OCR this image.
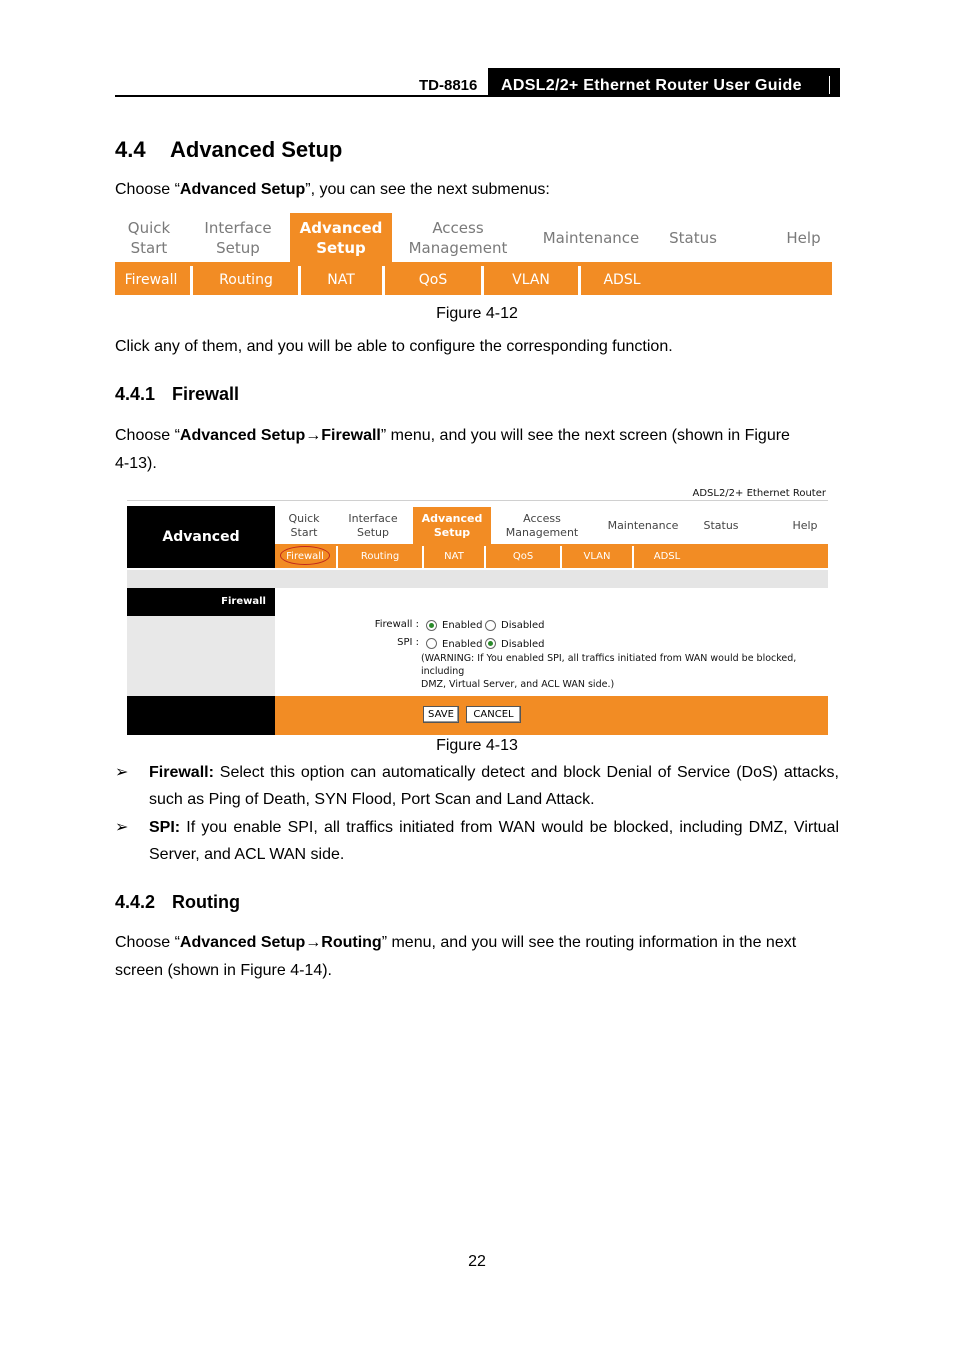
TD-8816	ADSL2/2+ Ethernet Router User Guide
4.4 Advanced Setup
Choose “Advanced Setup”, you can see the next submenus:
Quick
Start
Interface
Setup
Advanced
Setup
Access
Management
Maintenance	Status	Help
Firewall	Routing	NAT	QoS	VLAN	ADSL
Figure 4-12
Click any of them, and you will be able to configure the corresponding function.
4.4.1 Firewall
Choose “Advanced Setup→Firewall” menu, and you will see the next screen (shown in Figure
4-13).
ADSL2/2+ Ethernet Router
Advanced
Quick
Start
Interface
Setup
Advanced
Setup
Access
Management
Maintenance	Status	Help
Firewall	Routing	NAT	QoS	VLAN	ADSL
Firewall
Firewall : Enabled Disabled
SPI : Enabled Disabled
(WARNING: If You enabled SPI, all traffics initiated from WAN would be blocked, including
DMZ, Virtual Server, and ACL WAN side.)
SAVE	CANCEL
Figure 4-13
➢ Firewall: Select this option can automatically detect and block Denial of Service (DoS) attacks, such as Ping of Death, SYN Flood, Port Scan and Land Attack.
➢ SPI: If you enable SPI, all traffics initiated from WAN would be blocked, including DMZ, Virtual Server, and ACL WAN side.
4.4.2 Routing
Choose “Advanced Setup→Routing” menu, and you will see the routing information in the next
screen (shown in Figure 4-14).
22
